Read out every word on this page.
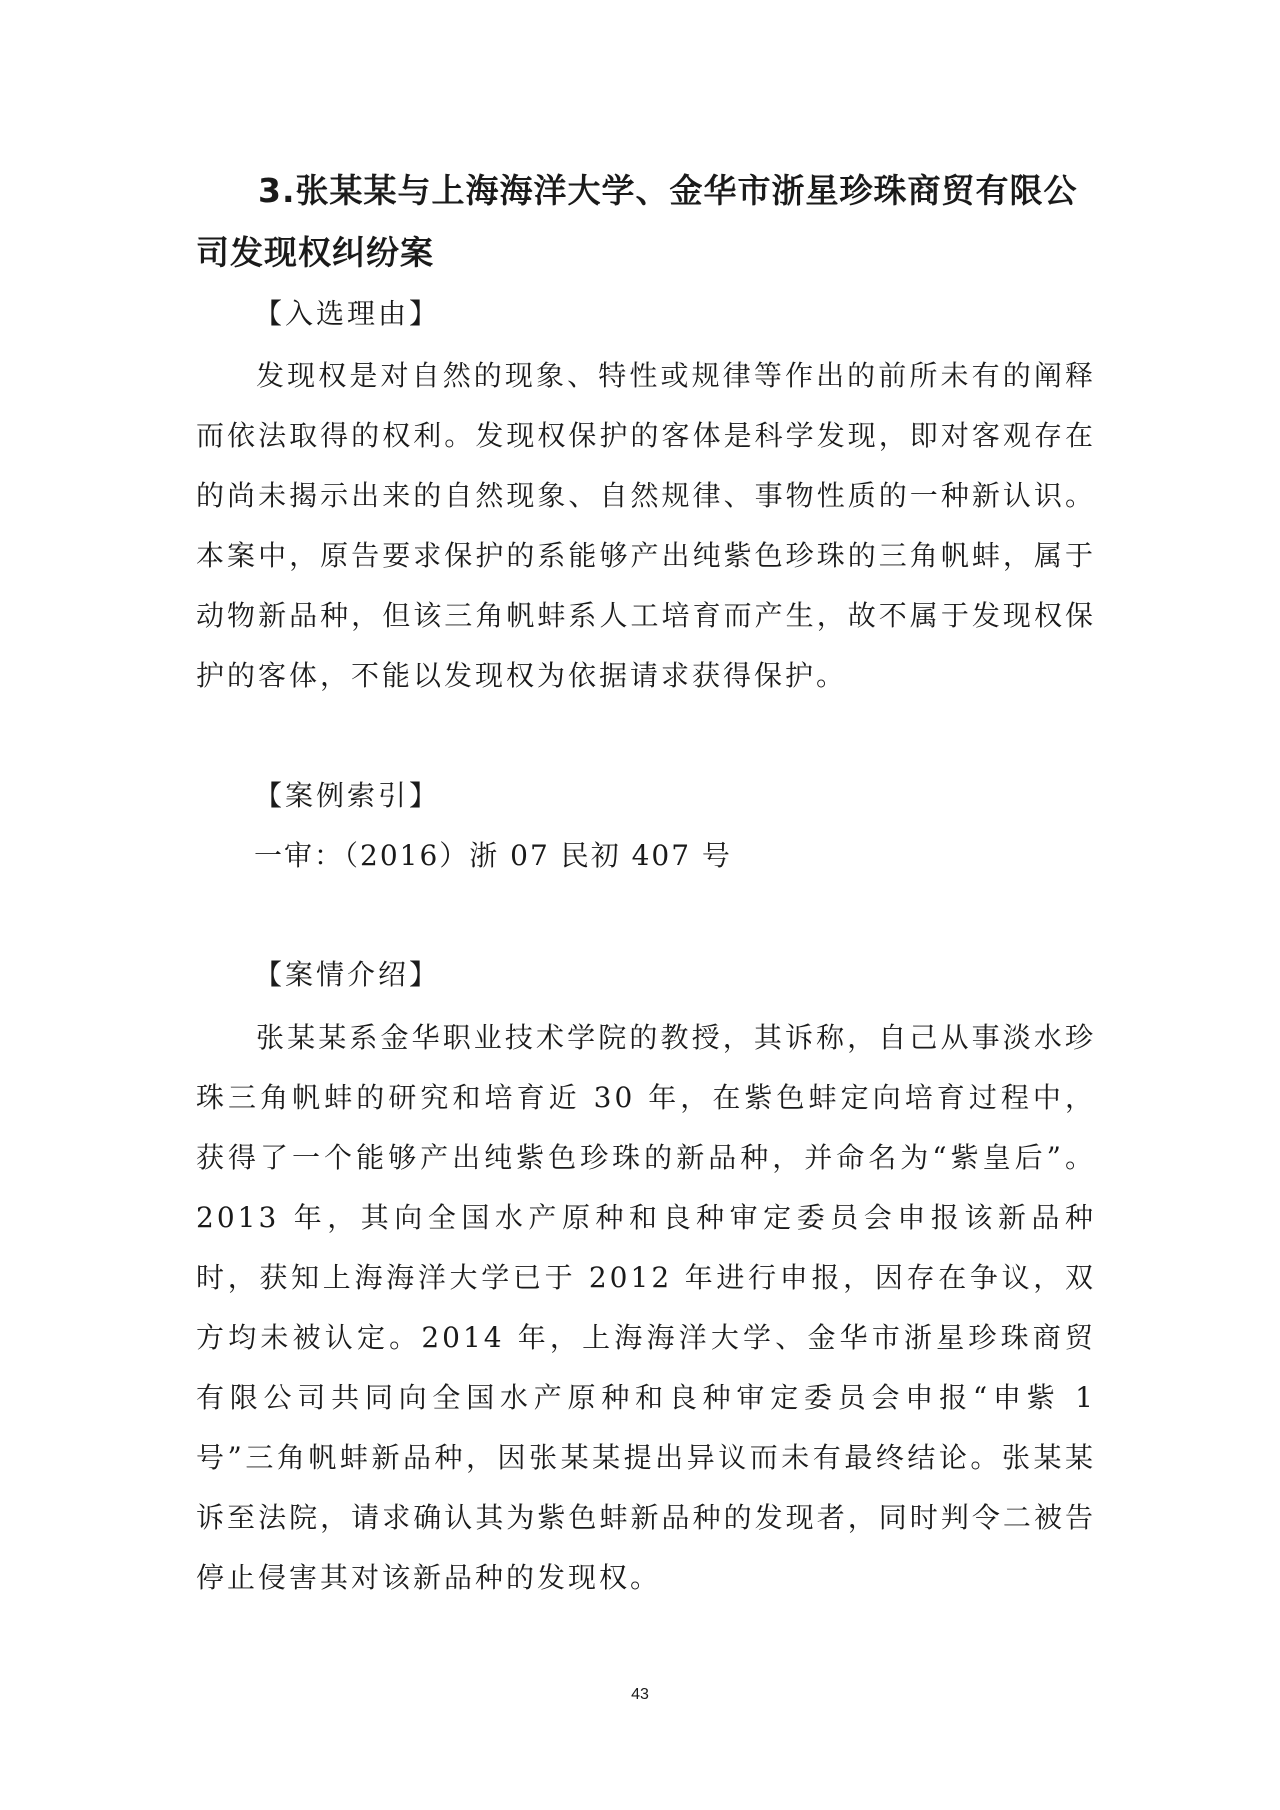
3.张某某与上海海洋大学、金华市浙星珍珠商贸有限公司发现权纠纷案
【入选理由】
发现权是对自然的现象、特性或规律等作出的前所未有的阐释而依法取得的权利。发现权保护的客体是科学发现，即对客观存在的尚未揭示出来的自然现象、自然规律、事物性质的一种新认识。本案中，原告要求保护的系能够产出纯紫色珍珠的三角帆蚌，属于动物新品种，但该三角帆蚌系人工培育而产生，故不属于发现权保护的客体，不能以发现权为依据请求获得保护。
【案例索引】
一审：（2016）浙 07 民初 407 号
【案情介绍】
张某某系金华职业技术学院的教授，其诉称，自己从事淡水珍珠三角帆蚌的研究和培育近 30 年，在紫色蚌定向培育过程中，获得了一个能够产出纯紫色珍珠的新品种，并命名为“紫皇后”。2013 年，其向全国水产原种和良种审定委员会申报该新品种时，获知上海海洋大学已于 2012 年进行申报，因存在争议，双方均未被认定。2014 年，上海海洋大学、金华市浙星珍珠商贸有限公司共同向全国水产原种和良种审定委员会申报“申紫 1 号”三角帆蚌新品种，因张某某提出异议而未有最终结论。张某某诉至法院，请求确认其为紫色蚌新品种的发现者，同时判令二被告停止侵害其对该新品种的发现权。
43
